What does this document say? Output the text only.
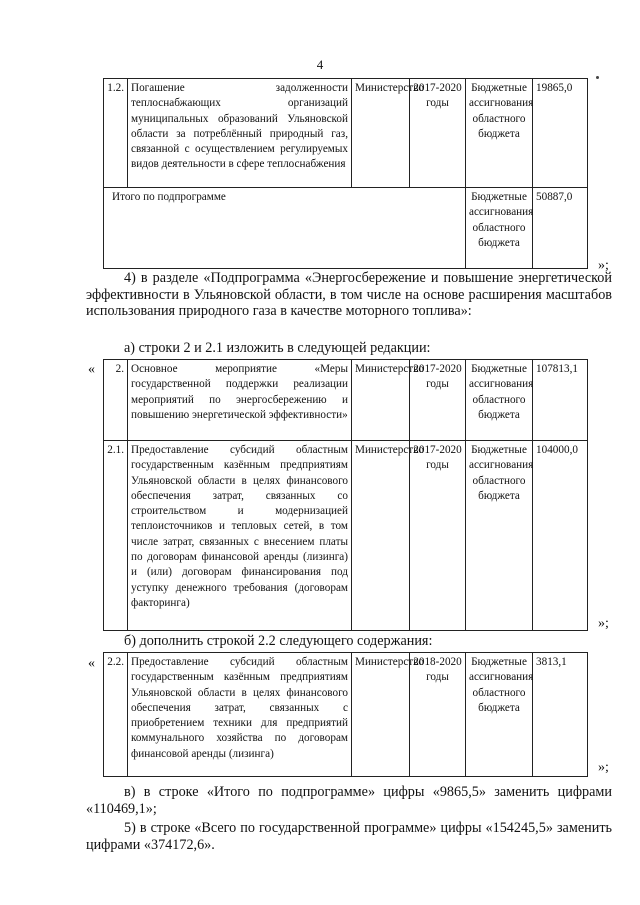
4
1.2.	Погашение задолженности теплоснабжающих организаций муниципальных образований Ульяновской области за потреблённый природный газ, связанной с осуществлением регулируемых видов деятельности в сфере теплоснабжения	Министерство	2017-2020 годы	Бюджетные ассигнования областного бюджета	19865,0
Итого по подпрограмме				Бюджетные ассигнования областного бюджета	50887,0
»;
4) в разделе «Подпрограмма «Энергосбережение и повышение энергетической эффективности в Ульяновской области, в том числе на основе расширения масштабов использования природного газа в качестве моторного топлива»:
а) строки 2 и 2.1 изложить в следующей редакции:
« 2.	Основное мероприятие «Меры государственной поддержки реализации мероприятий по энергосбережению и повышению энергетической эффективности»	Министерство	2017-2020 годы	Бюджетные ассигнования областного бюджета	107813,1
2.1.	Предоставление субсидий областным государственным казённым предприятиям Ульяновской области в целях финансового обеспечения затрат, связанных со строительством и модернизацией теплоисточников и тепловых сетей, в том числе затрат, связанных с внесением платы по договорам финансовой аренды (лизинга) и (или) договорам финансирования под уступку денежного требования (договорам факторинга)	Министерство	2017-2020 годы	Бюджетные ассигнования областного бюджета	104000,0
»;
б) дополнить строкой 2.2 следующего содержания:
« 2.2.	Предоставление субсидий областным государственным казённым предприятиям Ульяновской области в целях финансового обеспечения затрат, связанных с приобретением техники для предприятий коммунального хозяйства по договорам финансовой аренды (лизинга)	Министерство	2018-2020 годы	Бюджетные ассигнования областного бюджета	3813,1
»;
в) в строке «Итого по подпрограмме» цифры «9865,5» заменить цифрами «110469,1»;
5) в строке «Всего по государственной программе» цифры «154245,5» заменить цифрами «374172,6».
